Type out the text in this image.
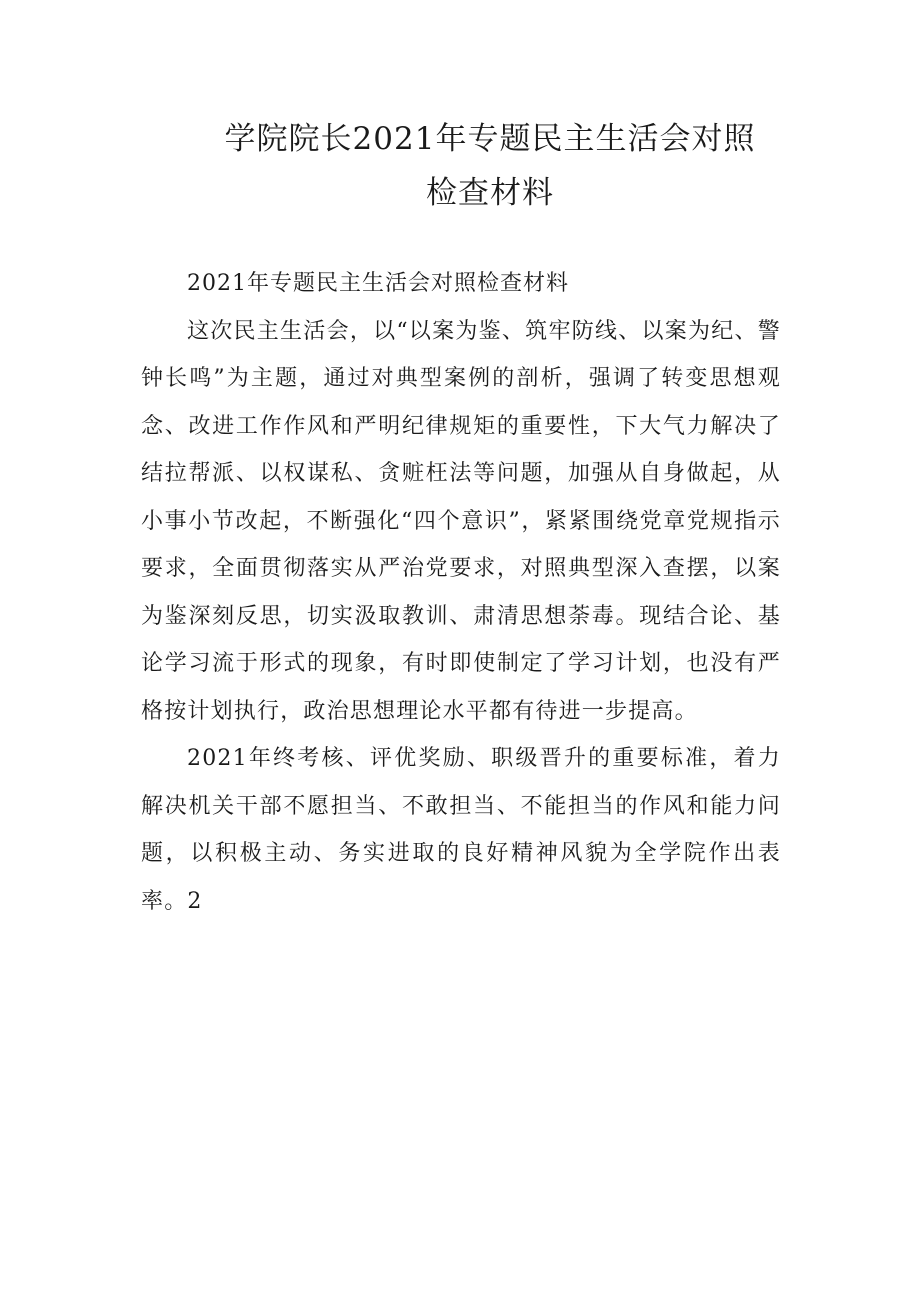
学院院长2021年专题民主生活会对照
检查材料

2021年专题民主生活会对照检查材料

这次民主生活会，以“以案为鉴、筑牢防线、以案为纪、警钟长鸣”为主题，通过对典型案例的剖析，强调了转变思想观念、改进工作作风和严明纪律规矩的重要性，下大气力解决了结拉帮派、以权谋私、贪赃枉法等问题，加强从自身做起，从小事小节改起，不断强化“四个意识”，紧紧围绕党章党规指示要求，全面贯彻落实从严治党要求，对照典型深入查摆，以案为鉴深刻反思，切实汲取教训、肃清思想荼毒。现结合论、基论学习流于形式的现象，有时即使制定了学习计划，也没有严格按计划执行，政治思想理论水平都有待进一步提高。

2021年终考核、评优奖励、职级晋升的重要标准，着力解决机关干部不愿担当、不敢担当、不能担当的作风和能力问题，以积极主动、务实进取的良好精神风貌为全学院作出表率。2
